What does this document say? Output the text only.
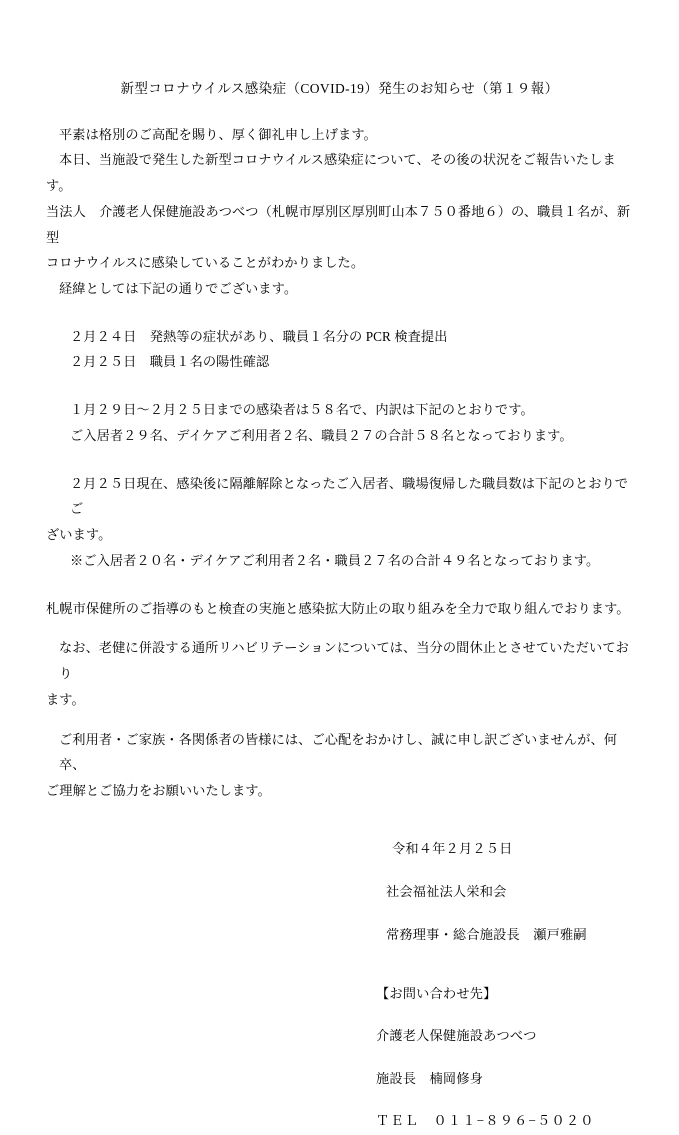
新型コロナウイルス感染症（COVID-19）発生のお知らせ（第１９報）

平素は格別のご高配を賜り、厚く御礼申し上げます。

本日、当施設で発生した新型コロナウイルス感染症について、その後の状況をご報告いたします。

当法人　介護老人保健施設あつべつ（札幌市厚別区厚別町山本７５０番地６）の、職員１名が、新型

コロナウイルスに感染していることがわかりました。

経緯としては下記の通りでございます。

２月２４日　発熱等の症状があり、職員１名分の PCR 検査提出

２月２５日　職員１名の陽性確認

１月２９日〜２月２５日までの感染者は５８名で、内訳は下記のとおりです。

ご入居者２９名、デイケアご利用者２名、職員２７の合計５８名となっております。

２月２５日現在、感染後に隔離解除となったご入居者、職場復帰した職員数は下記のとおりでご

ざいます。

※ご入居者２０名・デイケアご利用者２名・職員２７名の合計４９名となっております。

札幌市保健所のご指導のもと検査の実施と感染拡大防止の取り組みを全力で取り組んでおります。

なお、老健に併設する通所リハビリテーションについては、当分の間休止とさせていただいており

ます。

ご利用者・ご家族・各関係者の皆様には、ご心配をおかけし、誠に申し訳ございませんが、何卒、

ご理解とご協力をお願いいたします。

令和４年２月２５日

社会福祉法人栄和会

常務理事・総合施設長　瀬戸雅嗣

【お問い合わせ先】

介護老人保健施設あつべつ

施設長　楠岡修身

ＴＥＬ　０１１−８９６−５０２０
